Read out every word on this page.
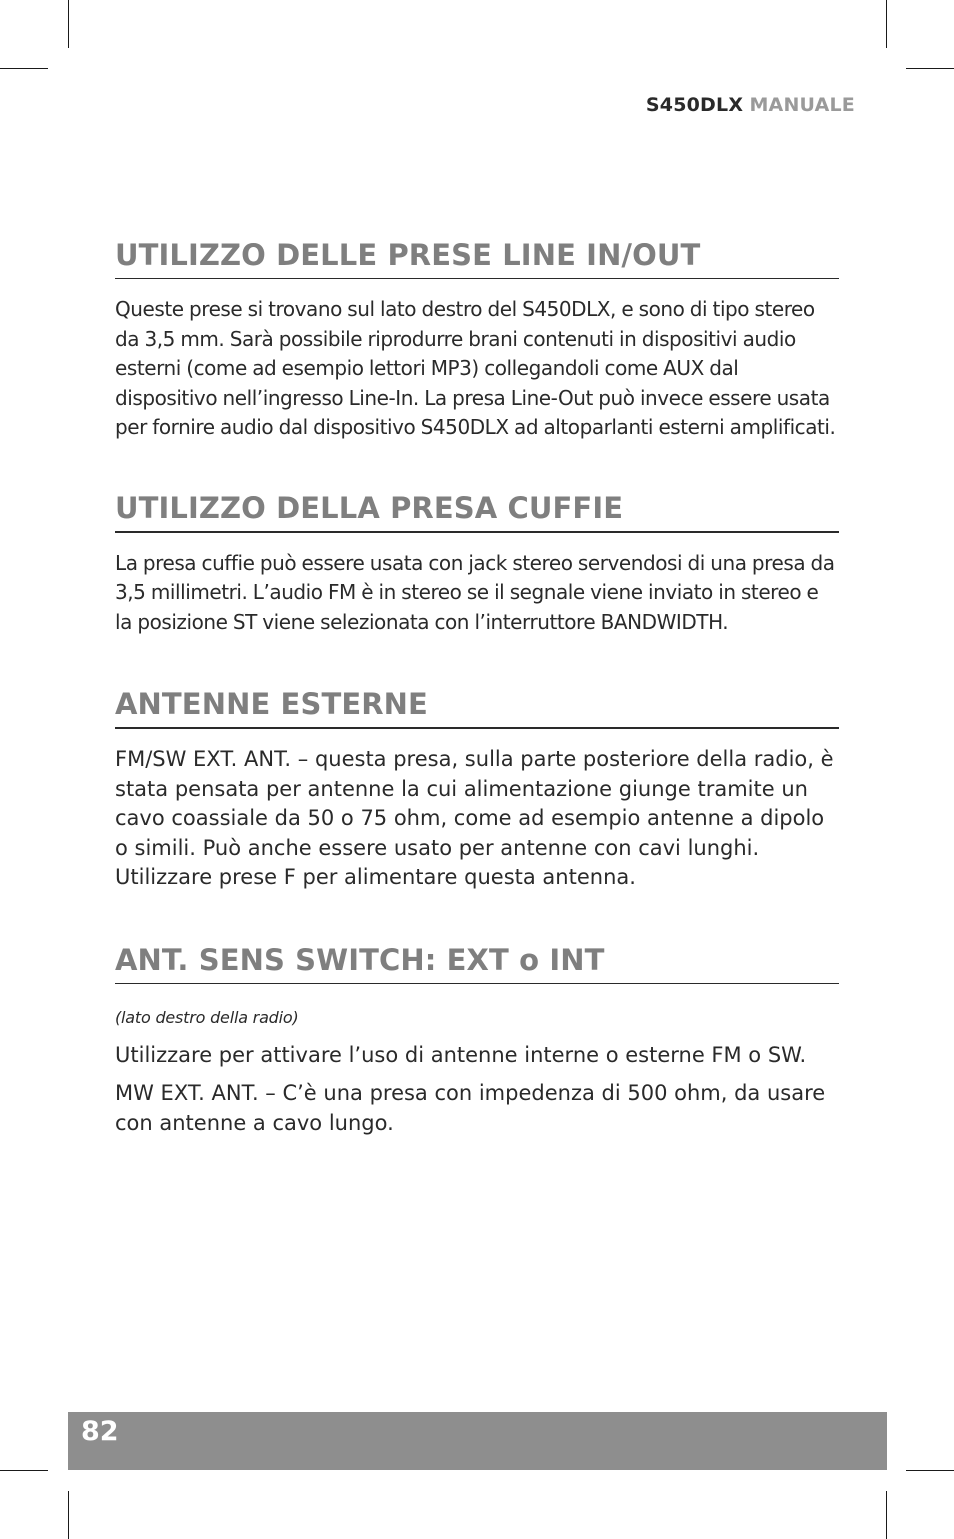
S450DLX MANUALE
UTILIZZO DELLE PRESE LINE IN/OUT

Queste prese si trovano sul lato destro del S450DLX, e sono di tipo stereo da 3,5 mm. Sarà possibile riprodurre brani contenuti in dispositivi audio esterni (come ad esempio lettori MP3) collegandoli come AUX dal dispositivo nell’ingresso Line-In. La presa Line-Out può invece essere usata per fornire audio dal dispositivo S450DLX ad altoparlanti esterni amplificati.

UTILIZZO DELLA PRESA CUFFIE

La presa cuffie può essere usata con jack stereo servendosi di una presa da 3,5 millimetri. L’audio FM è in stereo se il segnale viene inviato in stereo e la posizione ST viene selezionata con l’interruttore BANDWIDTH.

ANTENNE ESTERNE

FM/SW EXT. ANT. – questa presa, sulla parte posteriore della radio, è stata pensata per antenne la cui alimentazione giunge tramite un cavo coassiale da 50 o 75 ohm, come ad esempio antenne a dipolo o simili. Può anche essere usato per antenne con cavi lunghi. Utilizzare prese F per alimentare questa antenna.

ANT. SENS SWITCH: EXT o INT

(lato destro della radio)

Utilizzare per attivare l’uso di antenne interne o esterne FM o SW.

MW EXT. ANT. – C’è una presa con impedenza di 500 ohm, da usare con antenne a cavo lungo.

82
